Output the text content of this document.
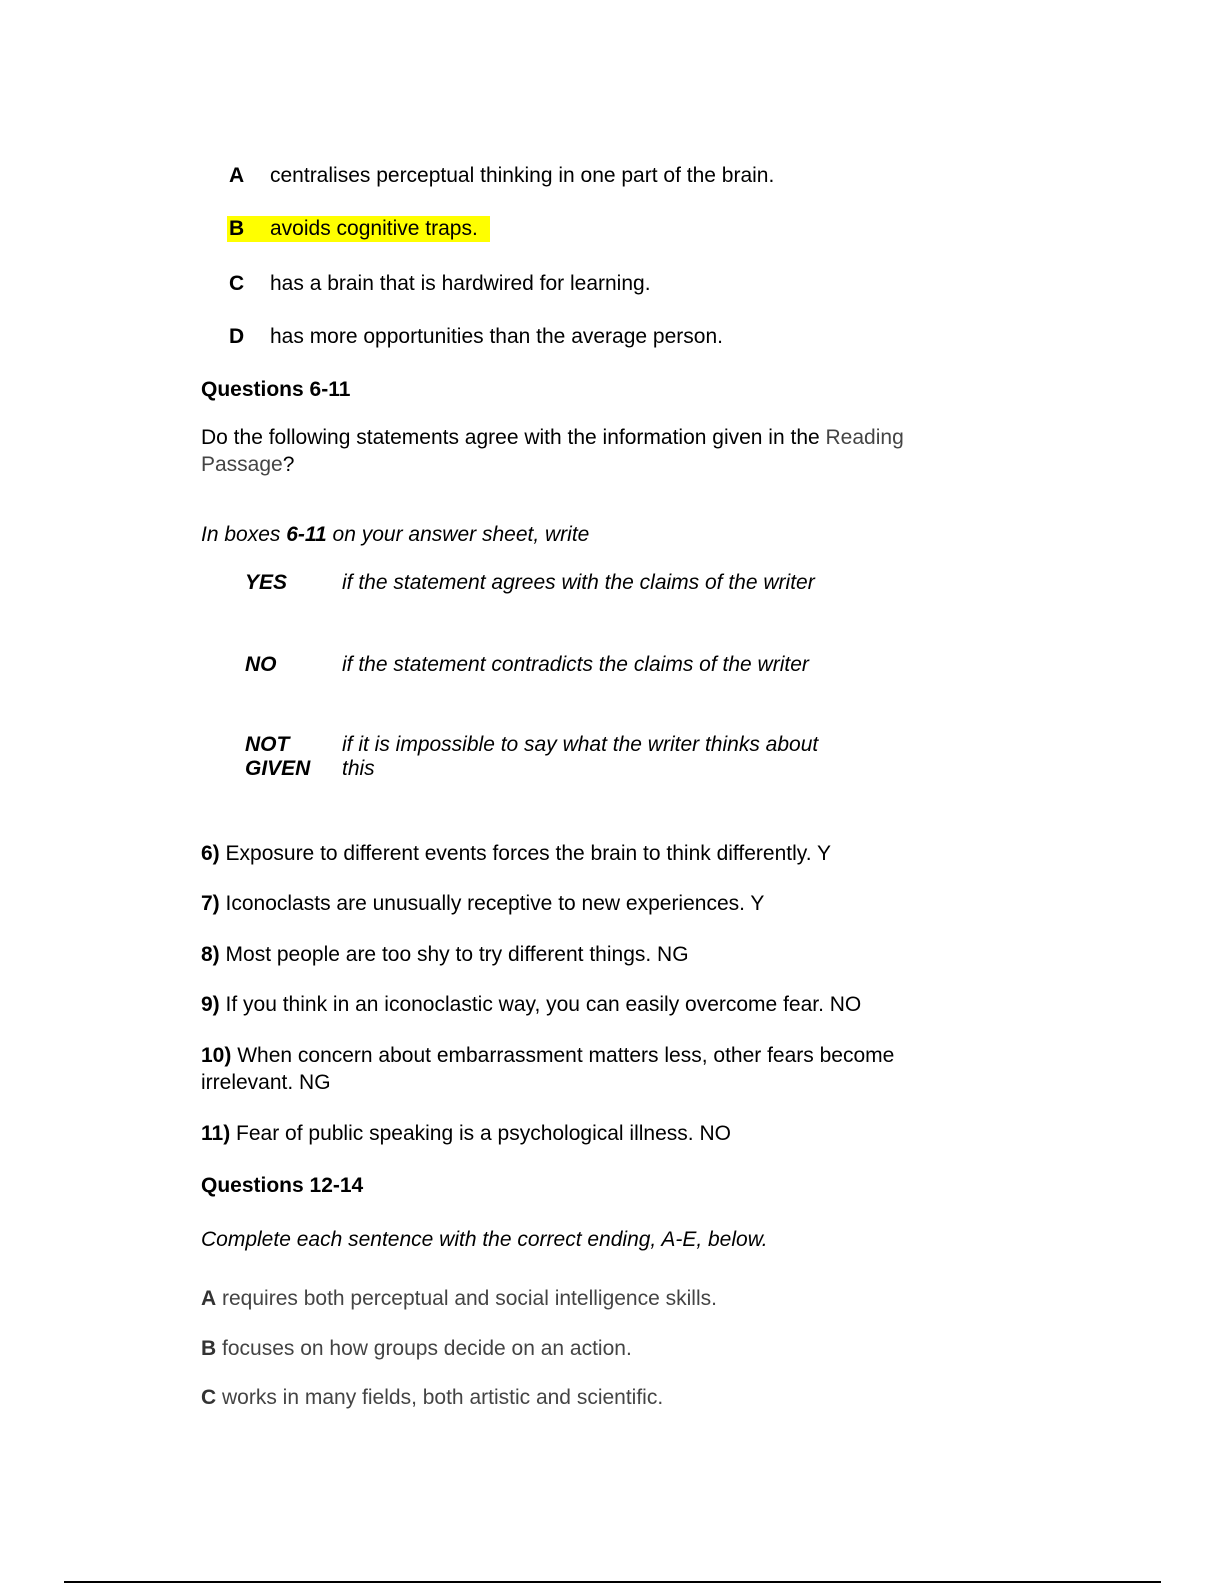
A centralises perceptual thinking in one part of the brain.
B avoids cognitive traps.
C has a brain that is hardwired for learning.
D has more opportunities than the average person.
Questions 6-11
Do the following statements agree with the information given in the Reading
Passage?
In boxes 6-11 on your answer sheet, write
YES	if the statement agrees with the claims of the writer
NO	if the statement contradicts the claims of the writer
NOT
GIVEN
if it is impossible to say what the writer thinks about
this
6) Exposure to different events forces the brain to think differently. Y
7) Iconoclasts are unusually receptive to new experiences. Y
8) Most people are too shy to try different things. NG
9) If you think in an iconoclastic way, you can easily overcome fear. NO
10) When concern about embarrassment matters less, other fears become
irrelevant. NG
11) Fear of public speaking is a psychological illness. NO
Questions 12-14
Complete each sentence with the correct ending, A-E, below.
A requires both perceptual and social intelligence skills.
B focuses on how groups decide on an action.
C works in many fields, both artistic and scientific.
